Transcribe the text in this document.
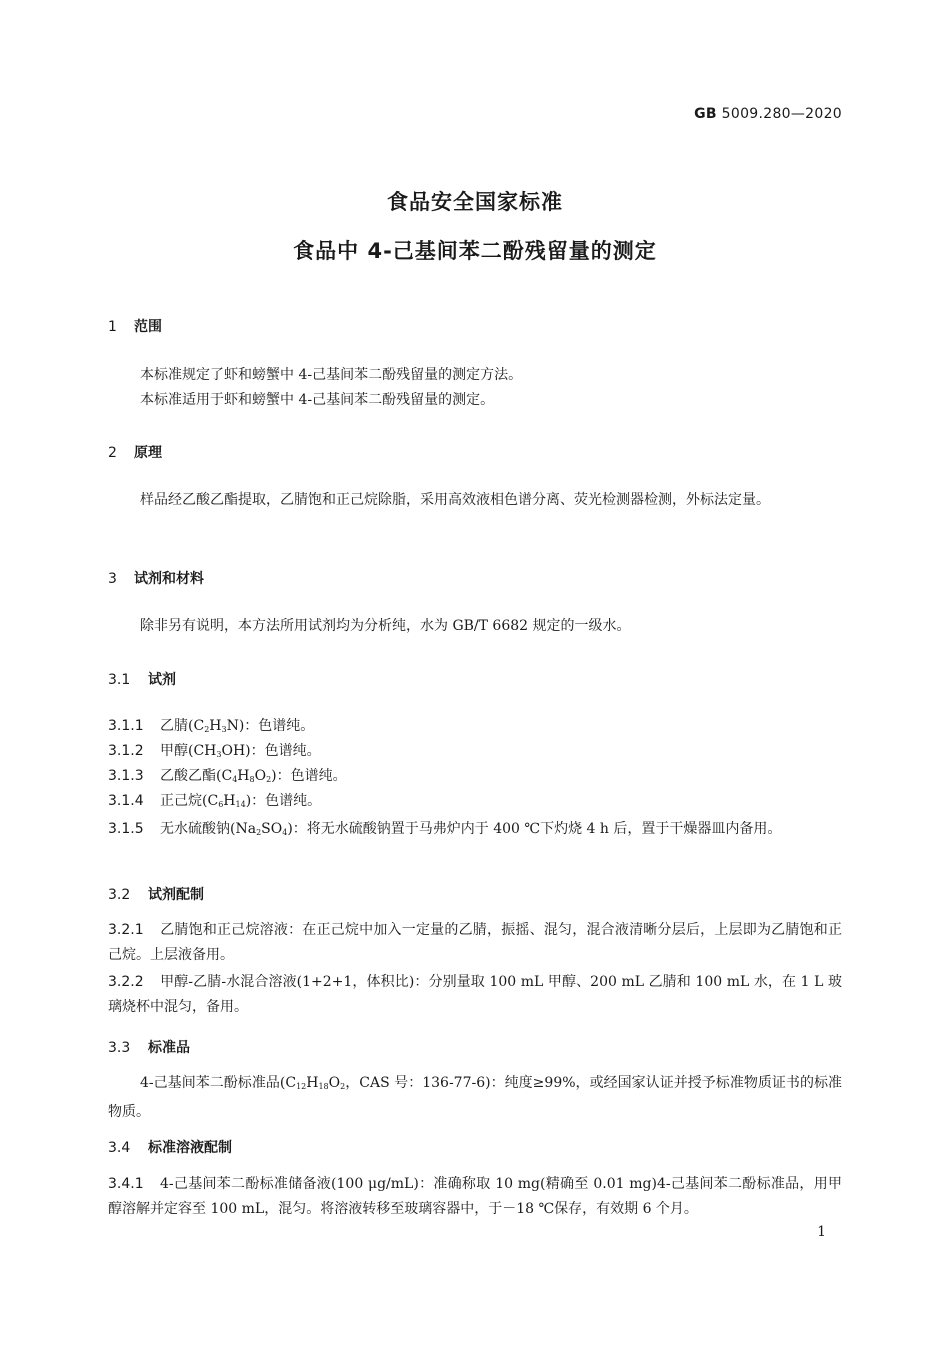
GB 5009.280—2020
食品安全国家标准
食品中 4-己基间苯二酚残留量的测定
1 范围
本标准规定了虾和螃蟹中 4-己基间苯二酚残留量的测定方法。
本标准适用于虾和螃蟹中 4-己基间苯二酚残留量的测定。
2 原理
样品经乙酸乙酯提取，乙腈饱和正己烷除脂，采用高效液相色谱分离、荧光检测器检测，外标法定量。
3 试剂和材料
除非另有说明，本方法所用试剂均为分析纯，水为 GB/T 6682 规定的一级水。
3.1 试剂
3.1.1 乙腈$(C_2H_3N)$：色谱纯。
3.1.2 甲醇$(CH_3OH)$：色谱纯。
3.1.3 乙酸乙酯$(C_4H_8O_2)$：色谱纯。
3.1.4 正己烷$(C_6H_{14})$：色谱纯。
3.1.5 无水硫酸钠$(Na_2SO_4)$：将无水硫酸钠置于马弗炉内于 400 ℃下灼烧 4 h 后，置于干燥器皿内备用。
3.2 试剂配制
3.2.1 乙腈饱和正己烷溶液：在正己烷中加入一定量的乙腈，振摇、混匀，混合液清晰分层后，上层即为乙腈饱和正己烷。上层液备用。
3.2.2 甲醇-乙腈-水混合溶液(1+2+1，体积比)：分别量取 100 mL 甲醇、200 mL 乙腈和 100 mL 水，在 1 L 玻璃烧杯中混匀，备用。
3.3 标准品
4-己基间苯二酚标准品($C_{12}H_{18}O_2$，CAS 号：136-77-6)：纯度≥99%，或经国家认证并授予标准物质证书的标准物质。
3.4 标准溶液配制
3.4.1 4-己基间苯二酚标准储备液(100 μg/mL)：准确称取 10 mg(精确至 0.01 mg)4-己基间苯二酚标准品，用甲醇溶解并定容至 100 mL，混匀。将溶液转移至玻璃容器中，于－18 ℃保存，有效期 6 个月。
1
